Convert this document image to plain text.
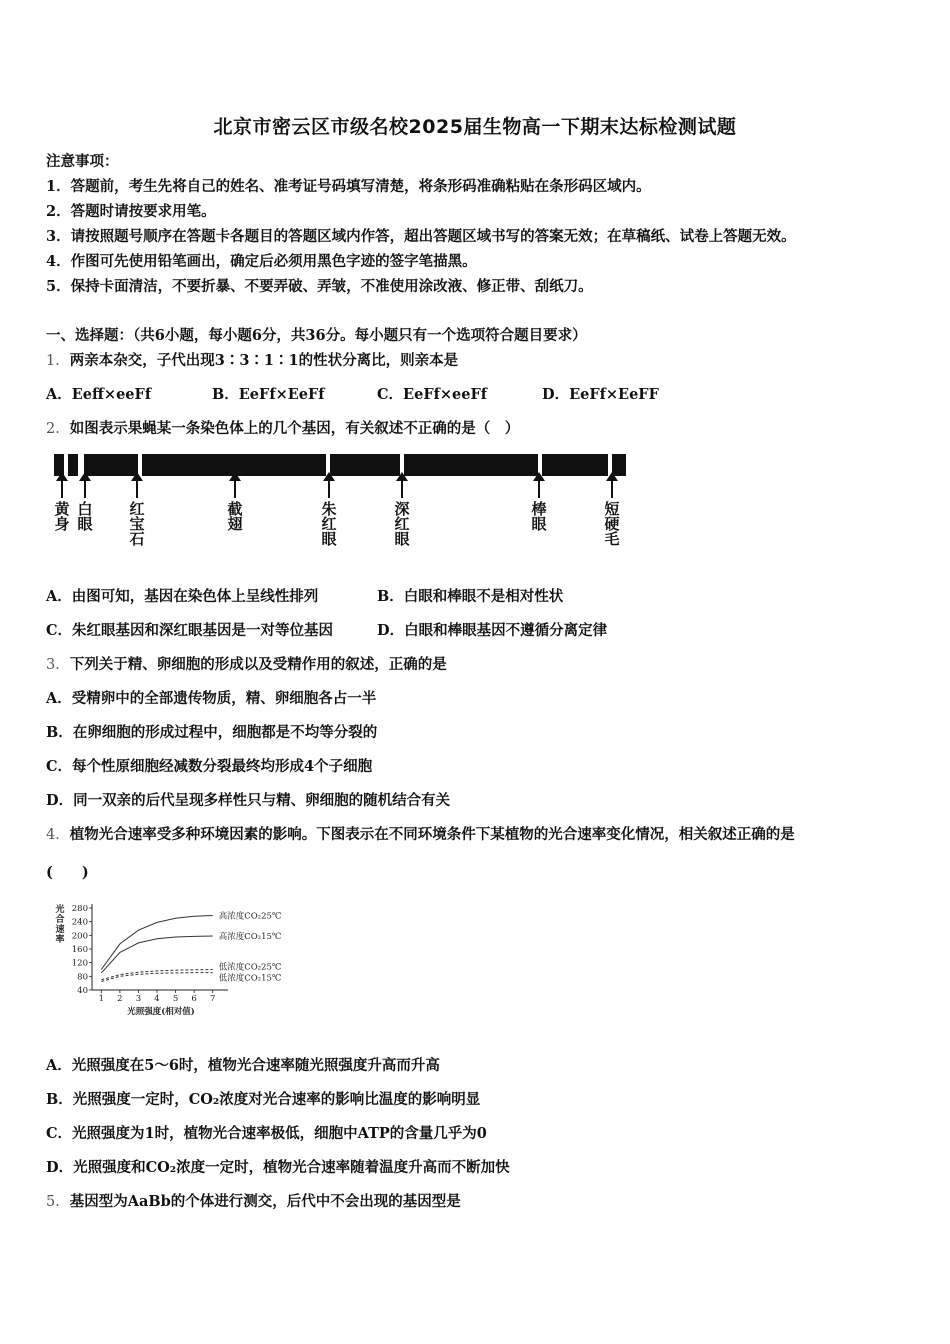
北京市密云区市级名校2025届生物高一下期末达标检测试题
注意事项：
1．答题前，考生先将自己的姓名、准考证号码填写清楚，将条形码准确粘贴在条形码区域内。
2．答题时请按要求用笔。
3．请按照题号顺序在答题卡各题目的答题区域内作答，超出答题区域书写的答案无效；在草稿纸、试卷上答题无效。
4．作图可先使用铅笔画出，确定后必须用黑色字迹的签字笔描黑。
5．保持卡面清洁，不要折暴、不要弄破、弄皱，不准使用涂改液、修正带、刮纸刀。
一、选择题：（共6小题，每小题6分，共36分。每小题只有一个选项符合题目要求）
1．两亲本杂交，子代出现3∶3∶1∶1的性状分离比，则亲本是
A．Eeff×eeFf	B．EeFf×EeFf	C．EeFf×eeFf	D．EeFf×EeFF
2．如图表示果蝇某一条染色体上的几个基因，有关叙述不正确的是（　）
黄身
白眼
红宝石
截翅
朱红眼
深红眼
棒眼
短硬毛
A．由图可知，基因在染色体上呈线性排列	B．白眼和棒眼不是相对性状
C．朱红眼基因和深红眼基因是一对等位基因	D．白眼和棒眼基因不遵循分离定律
3．下列关于精、卵细胞的形成以及受精作用的叙述，正确的是
A．受精卵中的全部遗传物质，精、卵细胞各占一半
B．在卵细胞的形成过程中，细胞都是不均等分裂的
C．每个性原细胞经减数分裂最终均形成4个子细胞
D．同一双亲的后代呈现多样性只与精、卵细胞的随机结合有关
4．植物光合速率受多种环境因素的影响。下图表示在不同环境条件下某植物的光合速率变化情况，相关叙述正确的是
(　　)
40
80
120
160
200
240
280
1 2 3 4 5 6 7
光照强度(相对值)
光合速率
高浓度CO₂25℃
高浓度CO₂15℃
低浓度CO₂25℃
低浓度CO₂15℃
A．光照强度在5～6时，植物光合速率随光照强度升高而升高
B．光照强度一定时，CO₂浓度对光合速率的影响比温度的影响明显
C．光照强度为1时，植物光合速率极低，细胞中ATP的含量几乎为0
D．光照强度和CO₂浓度一定时，植物光合速率随着温度升高而不断加快
5．基因型为AaBb的个体进行测交，后代中不会出现的基因型是
